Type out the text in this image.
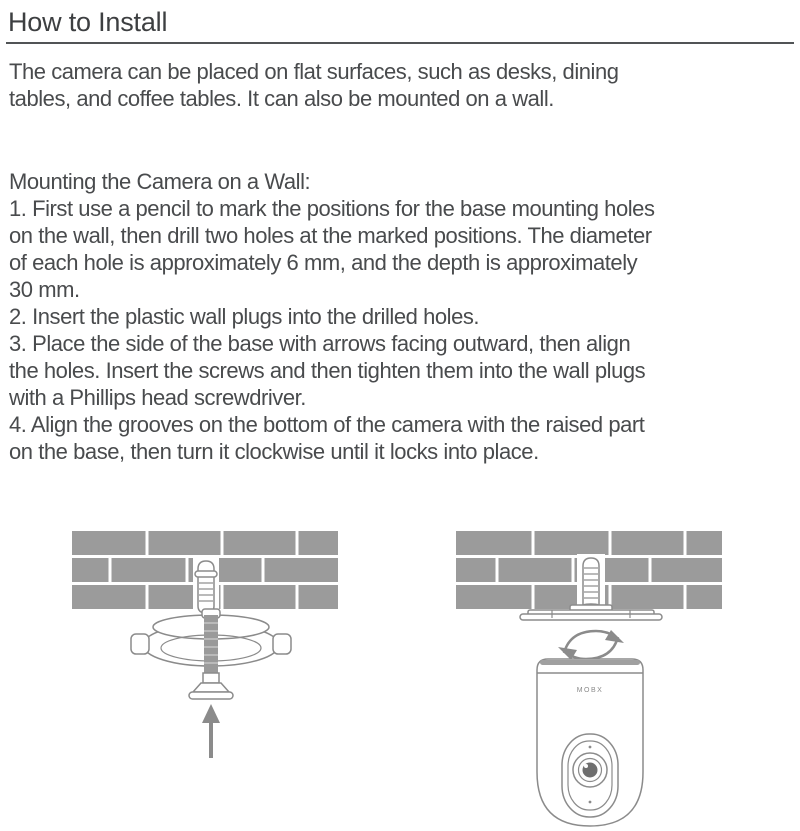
How to Install
The camera can be placed on flat surfaces, such as desks, dining
tables, and coffee tables. It can also be mounted on a wall.
Mounting the Camera on a Wall:
1. First use a pencil to mark the positions for the base mounting holes
on the wall, then drill two holes at the marked positions. The diameter
of each hole is approximately 6 mm, and the depth is approximately
30 mm.
2. Insert the plastic wall plugs into the drilled holes.
3. Place the side of the base with arrows facing outward, then align
the holes. Insert the screws and then tighten them into the wall plugs
with a Phillips head screwdriver.
4. Align the grooves on the bottom of the camera with the raised part
on the base, then turn it clockwise until it locks into place.
MOBX
